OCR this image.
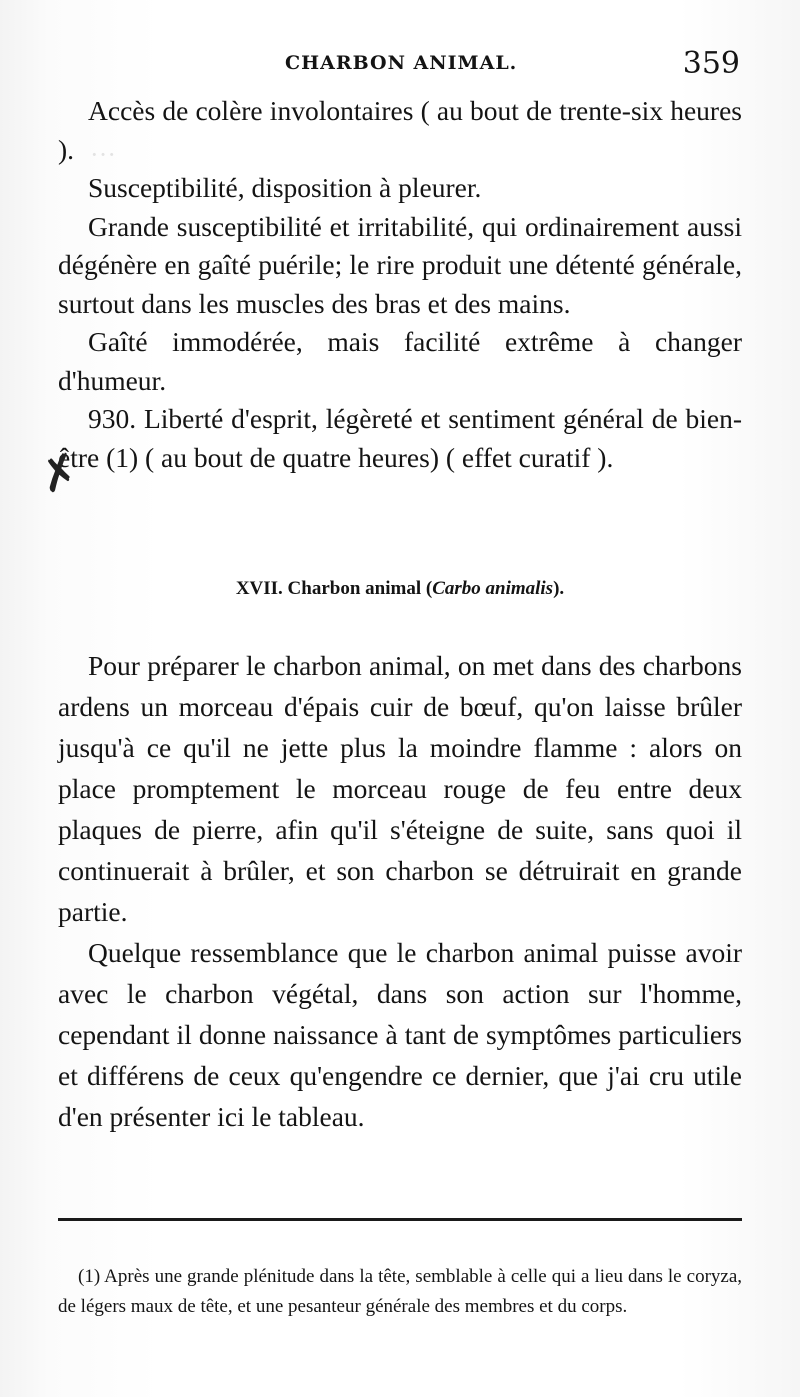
···
CHARBON ANIMAL.	359

Accès de colère involontaires ( au bout de trente-six heures ).

Susceptibilité, disposition à pleurer.

Grande susceptibilité et irritabilité, qui ordinairement aussi dégénère en gaîté puérile; le rire produit une détenté générale, surtout dans les muscles des bras et des mains.

Gaîté immodérée, mais facilité extrême à changer d'humeur.

930. Liberté d'esprit, légèreté et sentiment général de bien-être (1) ( au bout de quatre heures) ( effet curatif ).

✗
XVII. Charbon animal (Carbo animalis).

Pour préparer le charbon animal, on met dans des charbons ardens un morceau d'épais cuir de bœuf, qu'on laisse brûler jusqu'à ce qu'il ne jette plus la moindre flamme : alors on place promptement le morceau rouge de feu entre deux plaques de pierre, afin qu'il s'éteigne de suite, sans quoi il continuerait à brûler, et son charbon se détruirait en grande partie.

Quelque ressemblance que le charbon animal puisse avoir avec le charbon végétal, dans son action sur l'homme, cependant il donne naissance à tant de symptômes particuliers et différens de ceux qu'engendre ce dernier, que j'ai cru utile d'en présenter ici le tableau.

(1) Après une grande plénitude dans la tête, semblable à celle qui a lieu dans le coryza, de légers maux de tête, et une pesanteur générale des membres et du corps.
